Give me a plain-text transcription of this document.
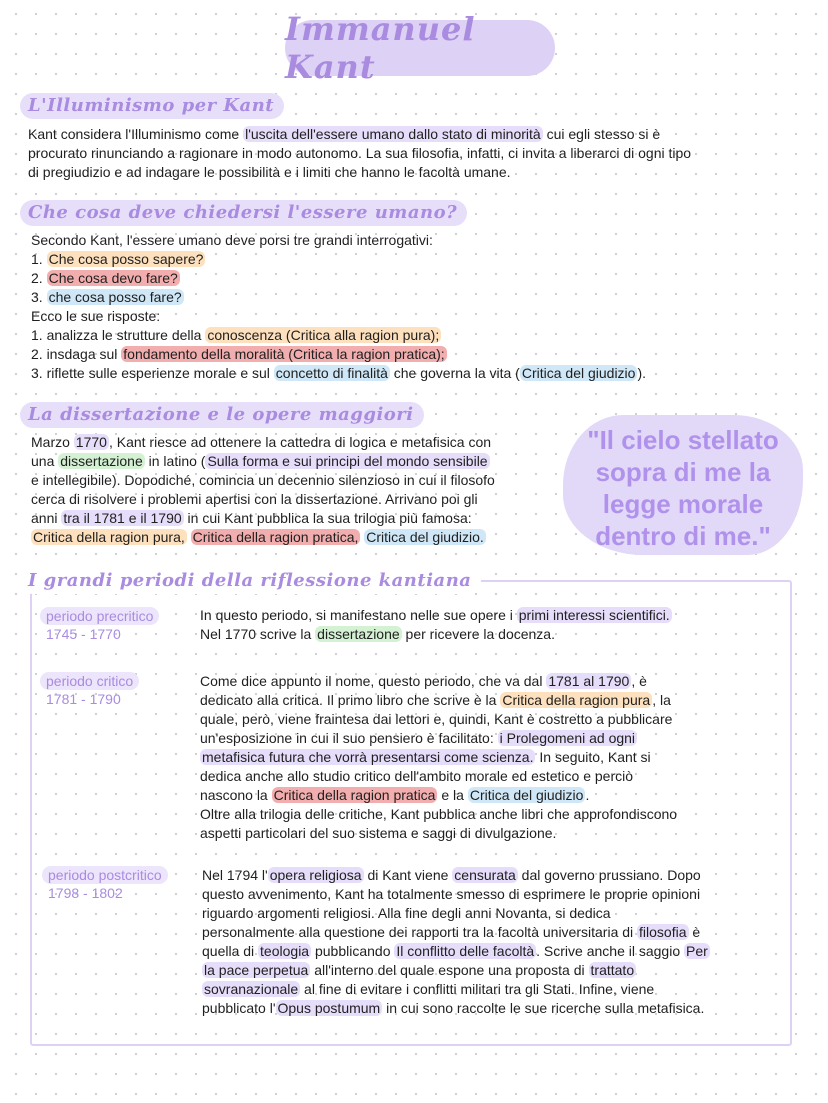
Immanuel Kant
L'Illuminismo per Kant

Kant considera l'Illuminismo come l'uscita dell'essere umano dallo stato di minorità cui egli stesso si è

procurato rinunciando a ragionare in modo autonomo. La sua filosofia, infatti, ci invita a liberarci di ogni tipo

di pregiudizio e ad indagare le possibilità e i limiti che hanno le facoltà umane.

Che cosa deve chiedersi l'essere umano?

Secondo Kant, l'essere umano deve porsi tre grandi interrogativi:

1. Che cosa posso sapere?

2. Che cosa devo fare?

3. che cosa posso fare?

Ecco le sue risposte:

1. analizza le strutture della conoscenza (Critica alla ragion pura);

2. insdaga sul fondamento della moralità (Critica la ragion pratica);

3. riflette sulle esperienze morale e sul concetto di finalità che governa la vita ( Critica del giudizio ).

La dissertazione e le opere maggiori

Marzo 1770 , Kant riesce ad ottenere la cattedra di logica e metafisica con

una dissertazione in latino ( Sulla forma e sui principi del mondo sensibile

e intellegibile). Dopodiché, comincia un decennio silenzioso in cui il filosofo

cerca di risolvere i problemi apertisi con la dissertazione. Arrivano poi gli

anni tra il 1781 e il 1790 in cui Kant pubblica la sua trilogia più famosa:

Critica della ragion pura, Critica della ragion pratica, Critica del giudizio.

"Il cielo stellato sopra di me la legge morale dentro di me."
I grandi periodi della riflessione kantiana
periodo precritico
1745 - 1770

In questo periodo, si manifestano nelle sue opere i primi interessi scientifici.

Nel 1770 scrive la dissertazione per ricevere la docenza.

periodo critico
1781 - 1790

Come dice appunto il nome, questo periodo, che va dal 1781 al 1790 , è

dedicato alla critica. Il primo libro che scrive è la Critica della ragion pura , la

quale, però, viene fraintesa dai lettori e, quindi, Kant è costretto a pubblicare

un'esposizione in cui il suo pensiero è facilitato: i Prolegomeni ad ogni

metafisica futura che vorrà presentarsi come scienza. In seguito, Kant si

dedica anche allo studio critico dell'ambito morale ed estetico e perciò

nascono la Critica della ragion pratica e la Critica del giudizio .

Oltre alla trilogia delle critiche, Kant pubblica anche libri che approfondiscono

aspetti particolari del suo sistema e saggi di divulgazione.

periodo postcritico
1798 - 1802

Nel 1794 l' opera religiosa di Kant viene censurata dal governo prussiano. Dopo

questo avvenimento, Kant ha totalmente smesso di esprimere le proprie opinioni

riguardo argomenti religiosi. Alla fine degli anni Novanta, si dedica

personalmente alla questione dei rapporti tra la facoltà universitaria di filosofia è

quella di teologia pubblicando Il conflitto delle facoltà . Scrive anche il saggio Per

la pace perpetua all'interno del quale espone una proposta di trattato

sovranazionale al fine di evitare i conflitti militari tra gli Stati. Infine, viene

pubblicato l' Opus postumum in cui sono raccolte le sue ricerche sulla metafisica.
